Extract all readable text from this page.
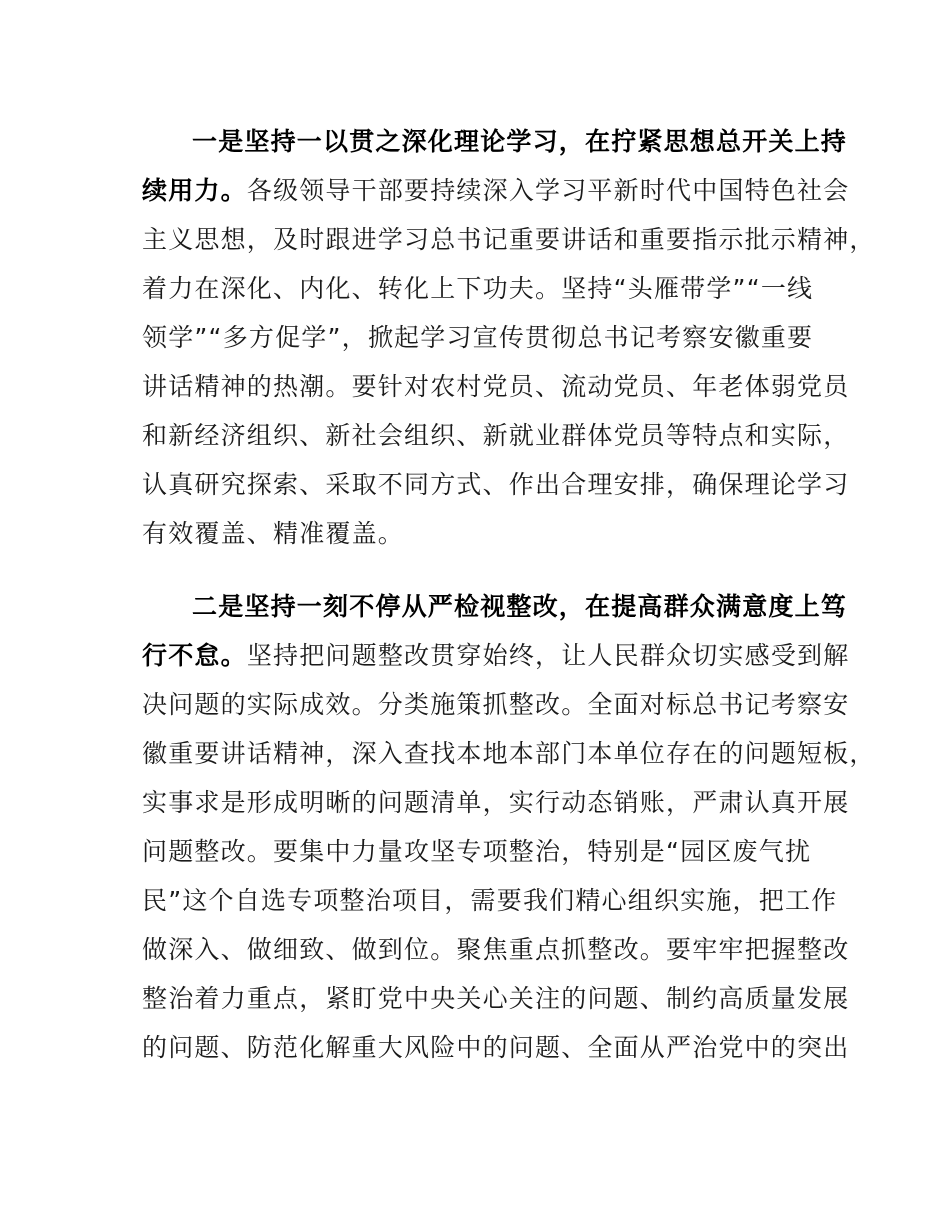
一是坚持一以贯之深化理论学习，在拧紧思想总开关上持
续用力。各级领导干部要持续深入学习平新时代中国特色社会
主义思想，及时跟进学习总书记重要讲话和重要指示批示精神，
着力在深化、内化、转化上下功夫。坚持“头雁带学”“一线
领学”“多方促学”，掀起学习宣传贯彻总书记考察安徽重要
讲话精神的热潮。要针对农村党员、流动党员、年老体弱党员
和新经济组织、新社会组织、新就业群体党员等特点和实际，
认真研究探索、采取不同方式、作出合理安排，确保理论学习
有效覆盖、精准覆盖。
二是坚持一刻不停从严检视整改，在提高群众满意度上笃
行不怠。坚持把问题整改贯穿始终，让人民群众切实感受到解
决问题的实际成效。分类施策抓整改。全面对标总书记考察安
徽重要讲话精神，深入查找本地本部门本单位存在的问题短板，
实事求是形成明晰的问题清单，实行动态销账，严肃认真开展
问题整改。要集中力量攻坚专项整治，特别是“园区废气扰
民”这个自选专项整治项目，需要我们精心组织实施，把工作
做深入、做细致、做到位。聚焦重点抓整改。要牢牢把握整改
整治着力重点，紧盯党中央关心关注的问题、制约高质量发展
的问题、防范化解重大风险中的问题、全面从严治党中的突出
